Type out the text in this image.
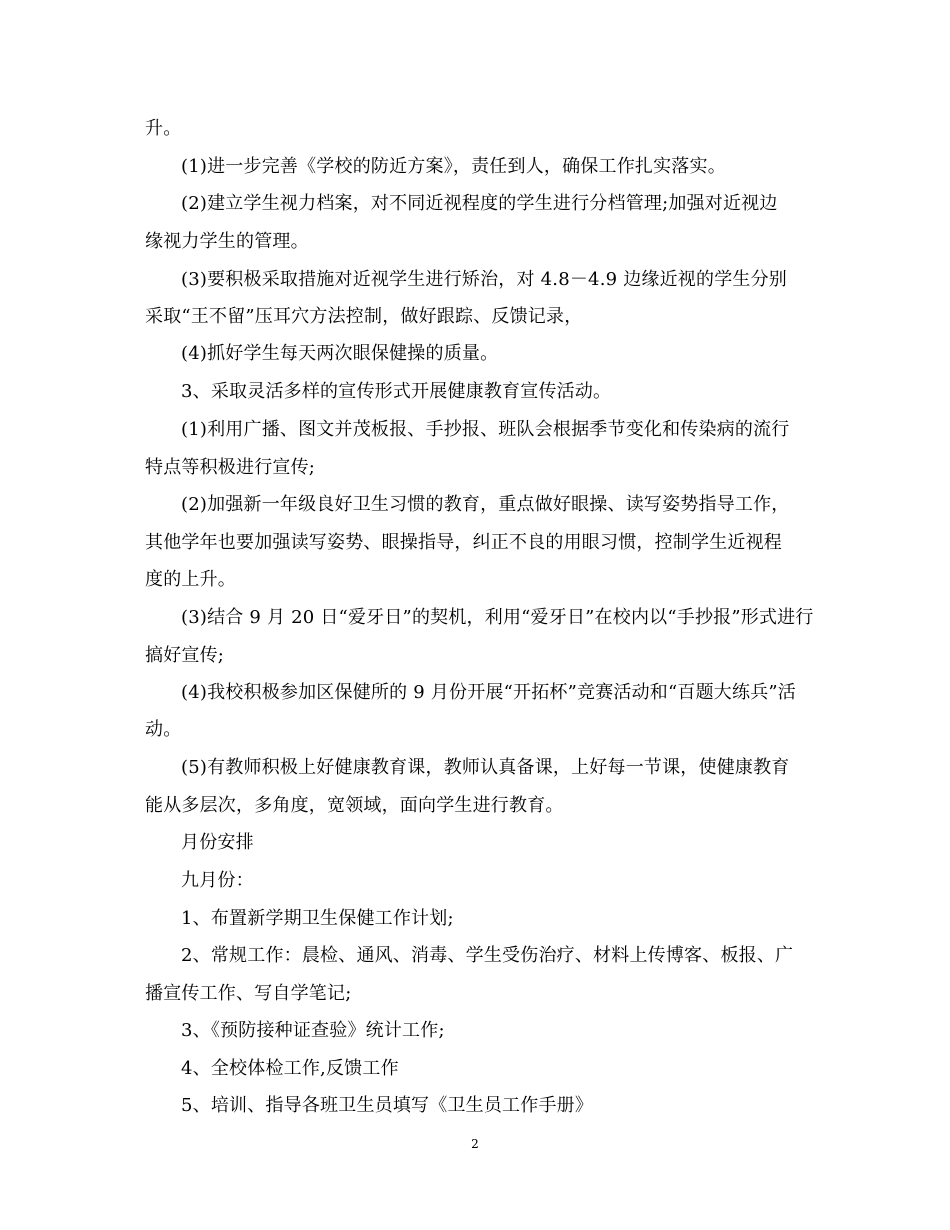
升。
(1)进一步完善《学校的防近方案》，责任到人，确保工作扎实落实。
(2)建立学生视力档案，对不同近视程度的学生进行分档管理;加强对近视边
缘视力学生的管理。
(3)要积极采取措施对近视学生进行矫治，对 4.8－4.9 边缘近视的学生分别
采取“王不留”压耳穴方法控制，做好跟踪、反馈记录，
(4)抓好学生每天两次眼保健操的质量。
3、采取灵活多样的宣传形式开展健康教育宣传活动。
(1)利用广播、图文并茂板报、手抄报、班队会根据季节变化和传染病的流行
特点等积极进行宣传;
(2)加强新一年级良好卫生习惯的教育，重点做好眼操、读写姿势指导工作，
其他学年也要加强读写姿势、眼操指导，纠正不良的用眼习惯，控制学生近视程
度的上升。
(3)结合 9 月 20 日“爱牙日”的契机，利用“爱牙日”在校内以“手抄报”形式进行
搞好宣传;
(4)我校积极参加区保健所的 9 月份开展“开拓杯”竞赛活动和“百题大练兵”活
动。
(5)有教师积极上好健康教育课，教师认真备课，上好每一节课，使健康教育
能从多层次，多角度，宽领域，面向学生进行教育。
月份安排
九月份：
1、布置新学期卫生保健工作计划;
2、常规工作：晨检、通风、消毒、学生受伤治疗、材料上传博客、板报、广
播宣传工作、写自学笔记;
3、《预防接种证查验》统计工作;
4、全校体检工作,反馈工作
5、培训、指导各班卫生员填写《卫生员工作手册》
2
